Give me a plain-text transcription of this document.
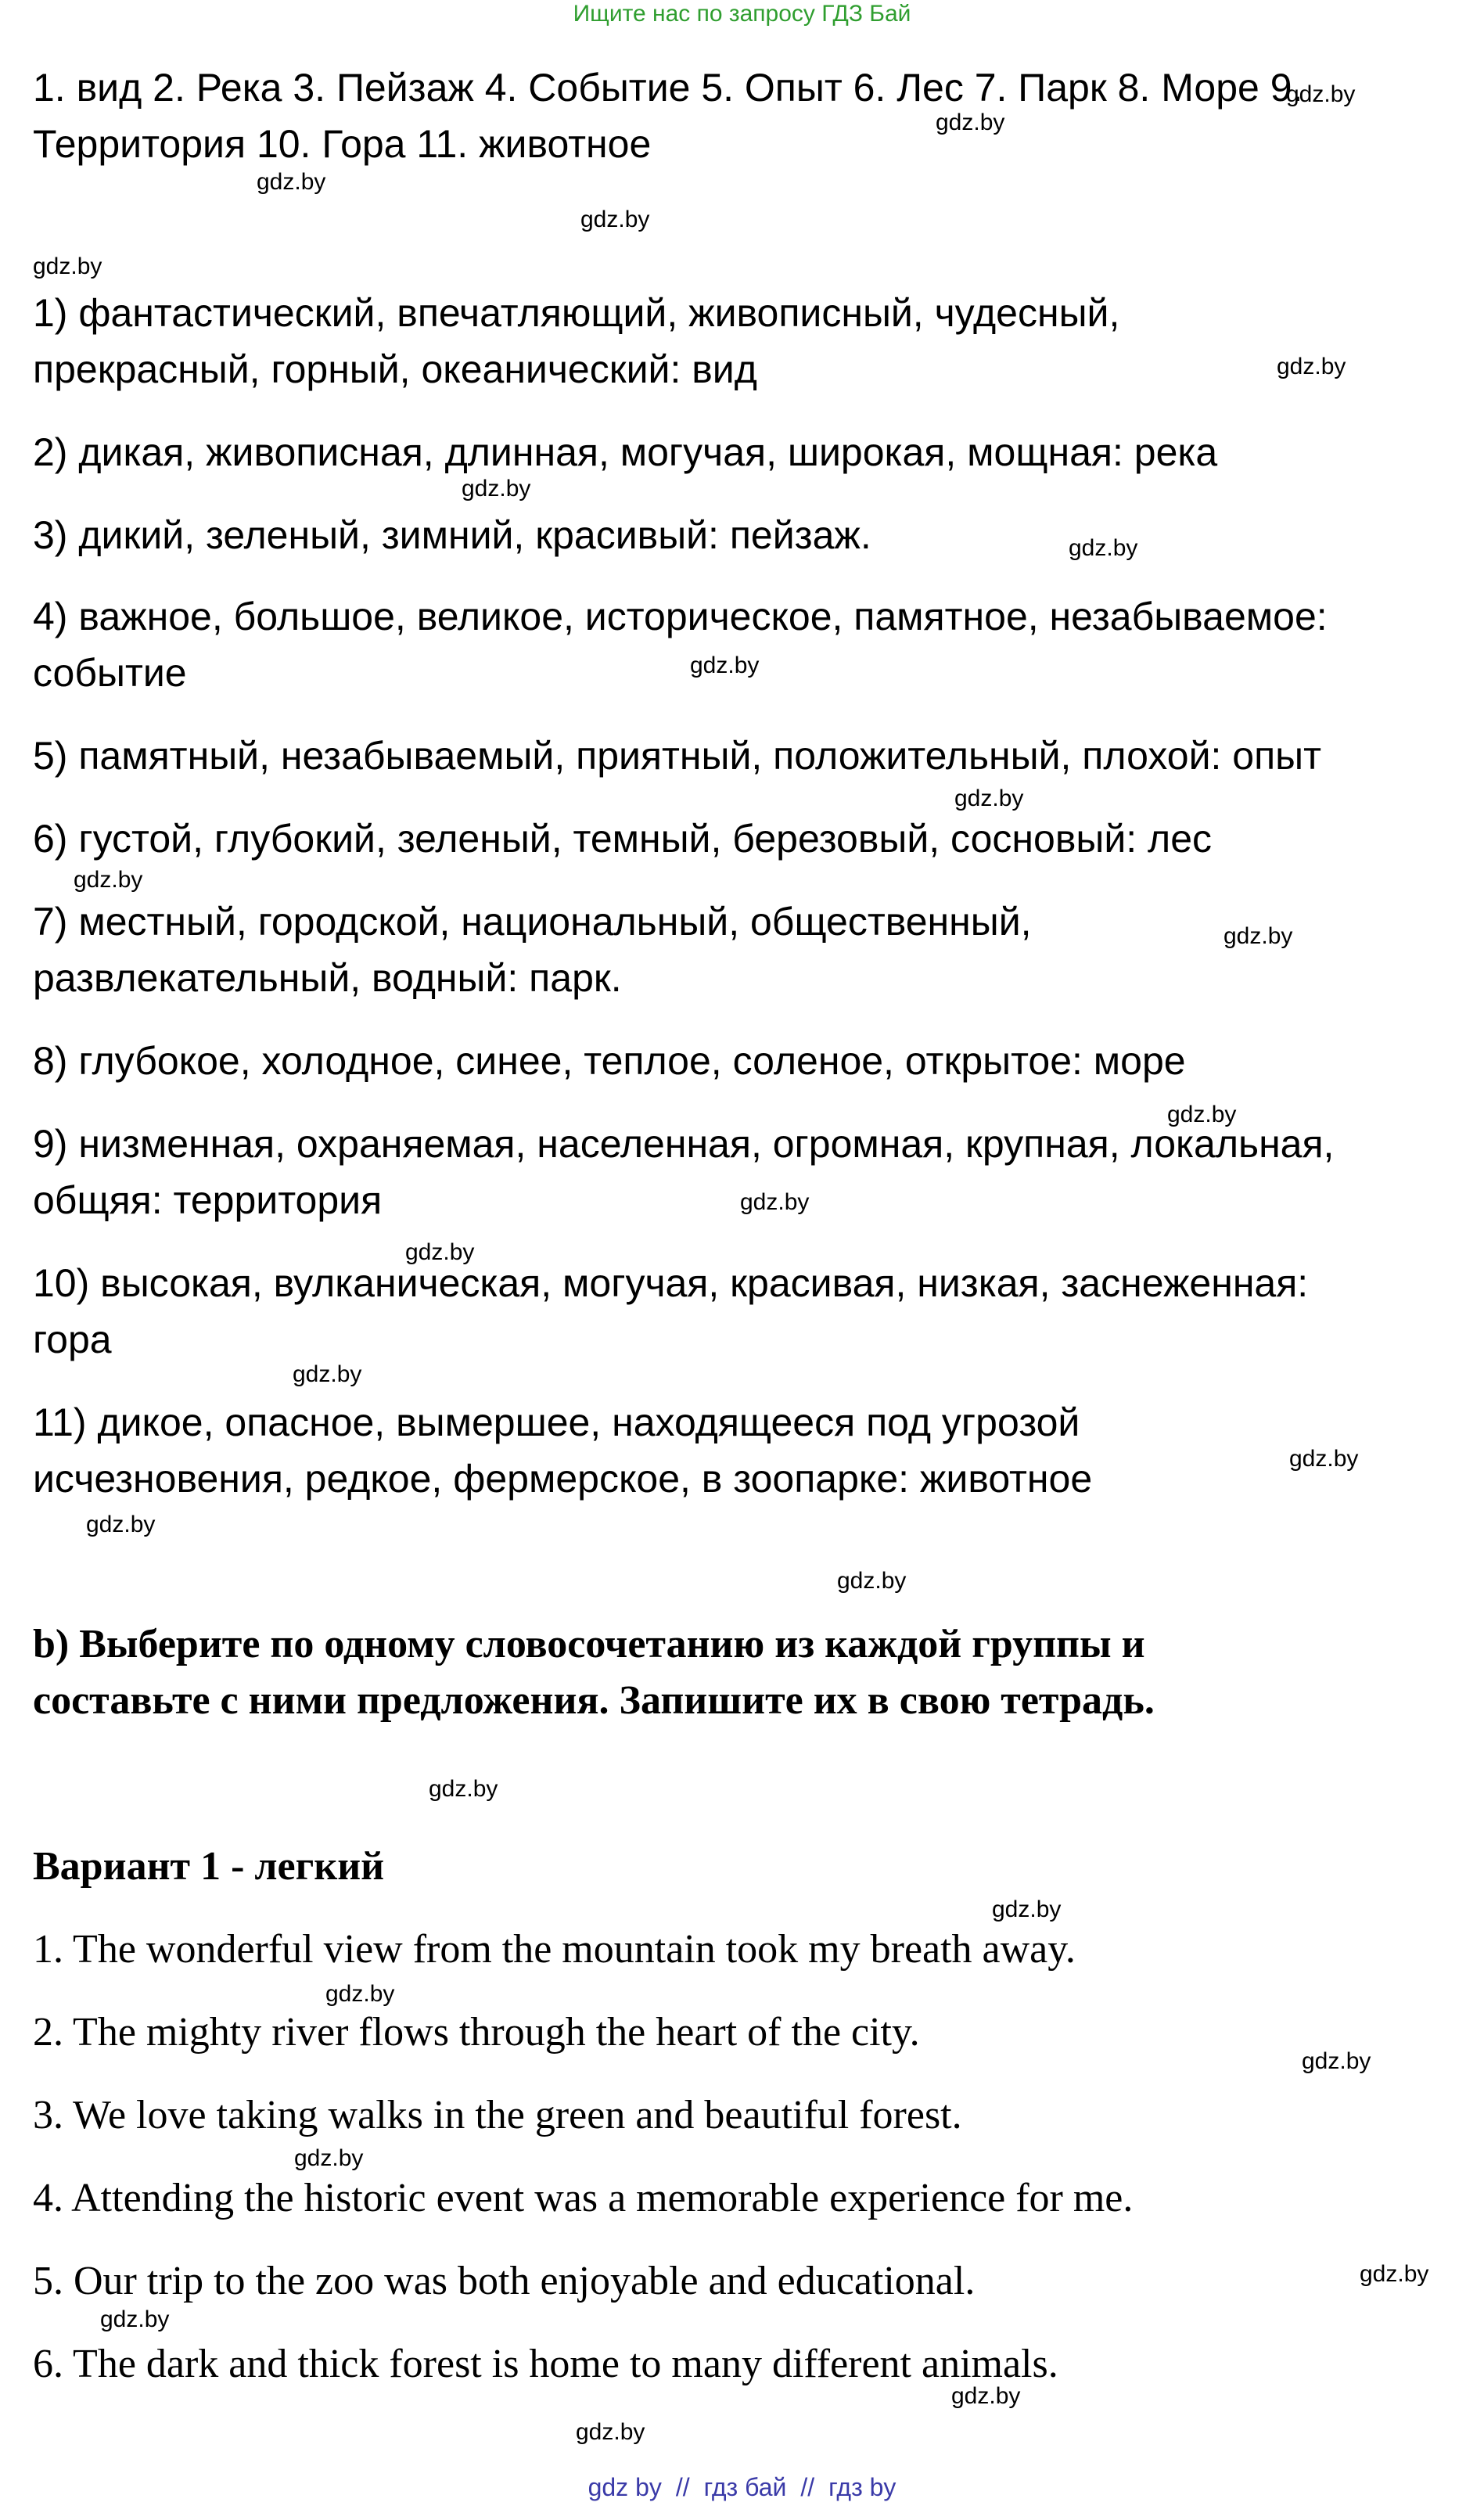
Ищите нас по запросу ГДЗ Бай
1. вид 2. Река 3. Пейзаж 4. Событие 5. Опыт 6. Лес 7. Парк 8. Море 9.
Территория 10. Гора 11. животное
1) фантастический, впечатляющий, живописный, чудесный,
прекрасный, горный, океанический: вид
2) дикая, живописная, длинная, могучая, широкая, мощная: река
3) дикий, зеленый, зимний, красивый: пейзаж.
4) важное, большое, великое, историческое, памятное, незабываемое:
событие
5) памятный, незабываемый, приятный, положительный, плохой: опыт
6) густой, глубокий, зеленый, темный, березовый, сосновый: лес
7) местный, городской, национальный, общественный,
развлекательный, водный: парк.
8) глубокое, холодное, синее, теплое, соленое, открытое: море
9) низменная, охраняемая, населенная, огромная, крупная, локальная,
общяя: территория
10) высокая, вулканическая, могучая, красивая, низкая, заснеженная:
гора
11) дикое, опасное, вымершее, находящееся под угрозой
исчезновения, редкое, фермерское, в зоопарке: животное
b) Выберите по одному словосочетанию из каждой группы и
составьте с ними предложения. Запишите их в свою тетрадь.
Вариант 1 - легкий
1. The wonderful view from the mountain took my breath away.
2. The mighty river flows through the heart of the city.
3. We love taking walks in the green and beautiful forest.
4. Attending the historic event was a memorable experience for me.
5. Our trip to the zoo was both enjoyable and educational.
6. The dark and thick forest is home to many different animals.
gdz.by
gdz.by
gdz.by
gdz.by
gdz.by
gdz.by
gdz.by
gdz.by
gdz.by
gdz.by
gdz.by
gdz.by
gdz.by
gdz.by
gdz.by
gdz.by
gdz.by
gdz.by
gdz.by
gdz.by
gdz.by
gdz.by
gdz.by
gdz.by
gdz.by
gdz.by
gdz.by
gdz.by
gdz by // гдз бай // гдз by
